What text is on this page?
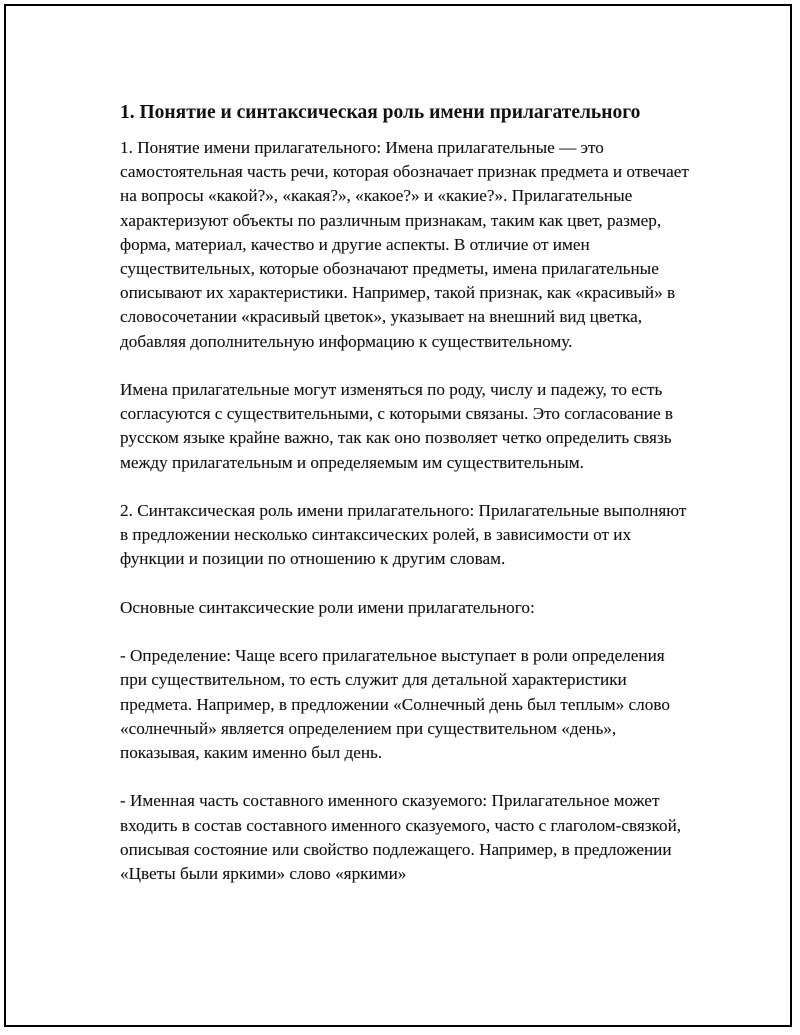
1. Понятие и синтаксическая роль имени прилагательного

1. Понятие имени прилагательного: Имена прилагательные — это самостоятельная часть речи, которая обозначает признак предмета и отвечает на вопросы «какой?», «какая?», «какое?» и «какие?». Прилагательные характеризуют объекты по различным признакам, таким как цвет, размер, форма, материал, качество и другие аспекты. В отличие от имен существительных, которые обозначают предметы, имена прилагательные описывают их характеристики. Например, такой признак, как «красивый» в словосочетании «красивый цветок», указывает на внешний вид цветка, добавляя дополнительную информацию к существительному.

Имена прилагательные могут изменяться по роду, числу и падежу, то есть согласуются с существительными, с которыми связаны. Это согласование в русском языке крайне важно, так как оно позволяет четко определить связь между прилагательным и определяемым им существительным.

2. Синтаксическая роль имени прилагательного: Прилагательные выполняют в предложении несколько синтаксических ролей, в зависимости от их функции и позиции по отношению к другим словам.

Основные синтаксические роли имени прилагательного:

- Определение: Чаще всего прилагательное выступает в роли определения при существительном, то есть служит для детальной характеристики предмета. Например, в предложении «Солнечный день был теплым» слово «солнечный» является определением при существительном «день», показывая, каким именно был день.

- Именная часть составного именного сказуемого: Прилагательное может входить в состав составного именного сказуемого, часто с глаголом-связкой, описывая состояние или свойство подлежащего. Например, в предложении «Цветы были яркими» слово «яркими»
